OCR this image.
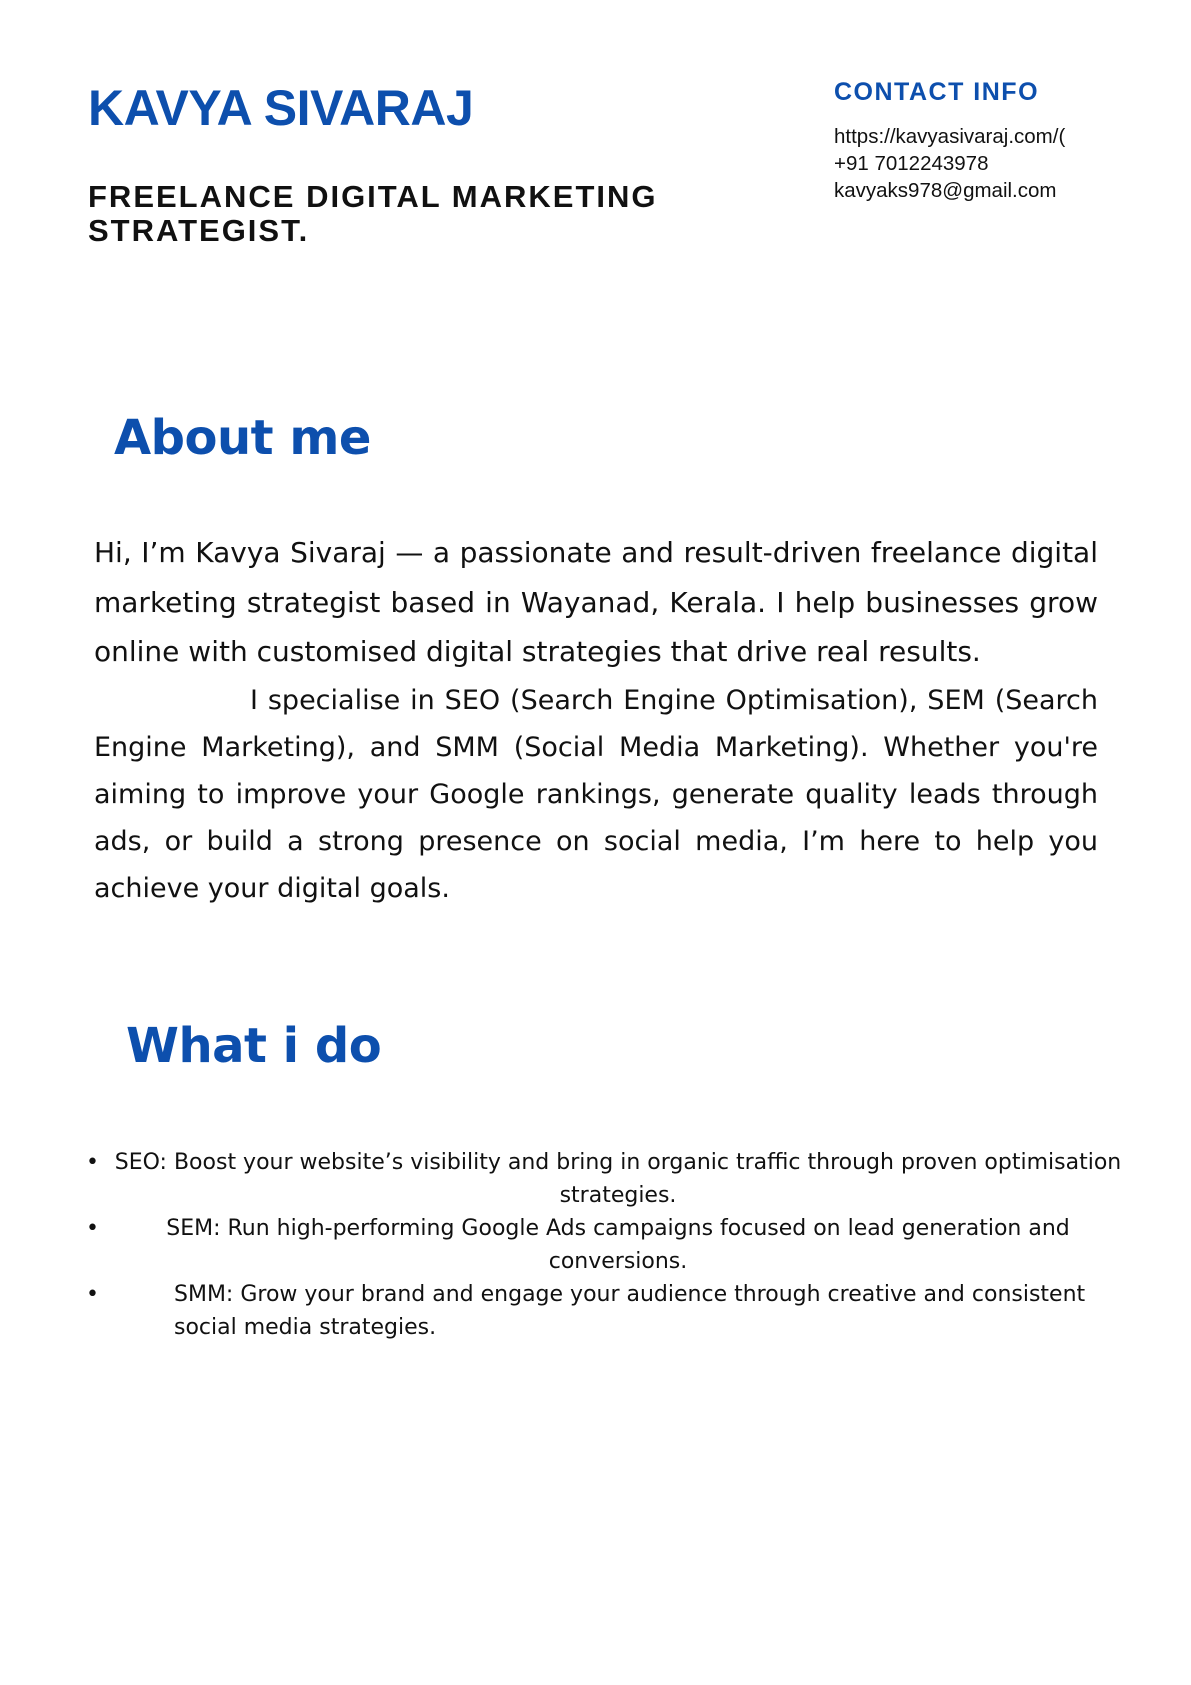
KAVYA SIVARAJ
FREELANCE DIGITAL MARKETING STRATEGIST.
CONTACT INFO
https://kavyasivaraj.com/(
+91 7012243978
kavyaks978@gmail.com
About me

Hi, I’m Kavya Sivaraj — a passionate and result-driven freelance digital marketing strategist based in Wayanad, Kerala. I help businesses grow online with customised digital strategies that drive real results.

I specialise in SEO (Search Engine Optimisation), SEM (Search Engine Marketing), and SMM (Social Media Marketing). Whether you're aiming to improve your Google rankings, generate quality leads through ads, or build a strong presence on social media, I’m here to help you achieve your digital goals.

What i do
• SEO: Boost your website’s visibility and bring in organic traffic through proven optimisation strategies.
•	SEM: Run high-performing Google Ads campaigns focused on lead generation and conversions.
•	SMM: Grow your brand and engage your audience through creative and consistent social media strategies.
